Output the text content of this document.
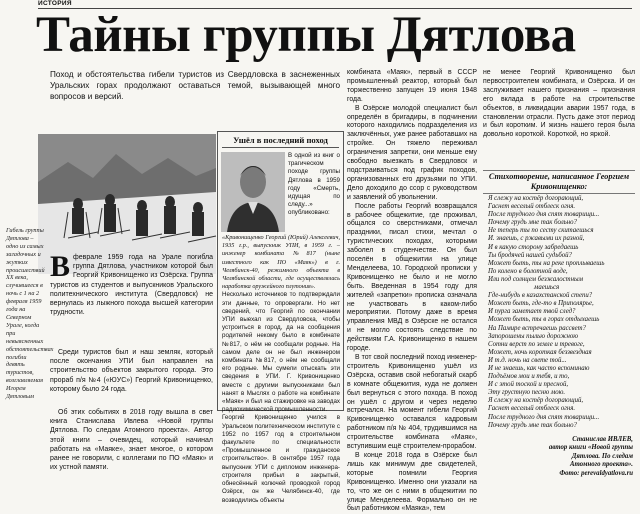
ИСТОРИЯ
Тайны группы Дятлова

Поход и обстоятельства гибели туристов из Свердловска в заснеженных Уральских горах продолжают оставаться темой, вызывающей много вопросов и версий.

Гибель группы Дятлова – одно из самых загадочных и жутких происшествий XX века, случившееся в ночь с 1 на 2 февраля 1959 года на Северном Урале, когда при невыясненных обстоятельствах погибли девять туристов, возглавляемая Игорем Дятловым

Ушёл в последний поход

В одной из книг о трагическом походе группы Дятлова в 1959 году «Смерть, идущая по следу...» опубликовано:

«Кривонищенко Георгий (Юрий) Алексеевич, 1935 г.р., выпускник УПИ, в 1959 г. – инженер комбината №817 (ныне известного как ПО «Маяк») в г. Челябинск-40, режимного объекта в Челябинской области, где осуществлялась наработка оружейного плутония».

Несколько источников то подтверждали эти данные, то опровергали. Но нет сведений, что Георгий по окончании УПИ выехал из Свердловска, чтобы устроиться в город, да на сообщения родителей некому было в комбинате №817, о нём не сообщали родные. На самом деле он не был инженером комбината №817, о нём не сообщали его родные. Мы сумели отыскать эти сведения в УПИ. Г. Кривонищенко вместе с другими выпускниками был нанят в Мыслях о работе на комбинате «Маяк» и был на стажировке на заводах радиохимической промышленности.

Георгий Кривонищенко учился в Уральском политехническом институте с 1952 по 1957 год в строительном факультете по специальности «Промышленное и гражданское строительство». В сентябре 1957 года выпускник УПИ с дипломом инженера-строителя прибыл в закрытый, обнесённый колючей проводкой город Озёрск, он же Челябинск-40, где возводились объекты

В феврале 1959 года на Урале погибла группа Дятлова, участником которой был Георгий Кривонищенко из Озёрска. Группа туристов из студентов и выпускников Уральского политехнического института (Свердловск) не вернулась из лыжного похода высшей категории трудности.

Среди туристов был и наш земляк, который после окончания УПИ был направлен на строительство объектов закрытого города. Это прораб п/я №4 («ЮУС») Георгий Кривонищенко, которому было 24 года.

Об этих событиях в 2018 году вышла в свет книга Станислава Ивлева «Новой группы Дятлова. По следам Атомного проекта». Автор этой книги – очевидец, который начинал работать на «Маяке», знает многое, о котором ранее не говорили, с коллегами по ПО «Маяк» и их устной памяти.

комбината «Маяк», первый в СССР промышленный реактор, который был торжественно запущен 19 июня 1948 года.

В Озёрске молодой специалист был определён в бригадиры, в подчинении которого находились подразделения из заключённых, уже ранее работавших на стройке. Он тяжело переживал ограничения запретки, они меньше ему свободно выезжать в Свердловск и подстраиваться под график походов, организованных его друзьями по УПИ. Дело доходило до ссор с руководством и заявлений об увольнении.

После работы Георгий возвращался в рабочее общежитие, где проживал, общался со сверстниками, отмечал праздники, писал стихи, мечтал о туристических походах, которыми заболел в студенчестве. Он был поселён в общежитии на улице Менделеева, 10. Городской прописки у Кривонищенко не было и не могло быть. Введенная в 1954 году для жителей «запретки» прописка означала не участвовать в каком-либо мероприятии. Потому даже в время управления МВД в Озёрске не остался и не могло состоять следствие по действиям Г.А. Кривонищенко в нашем городе.

В тот свой последний поход инженер-строитель Кривонищенко ушёл из Озёрска, оставив свой небогатый скарб в комнате общежития, куда не должен был вернуться с этого похода. В поход он ушёл с другом и через неделю встречался. На момент гибели Георгий Кривонищенко оставался кадровым работником п/я № 404, трудившимся на строительстве комбината «Маяк», вступившим ещё строителем-прорабом.

В конце 2018 года в Озёрске был лишь как минимум две свидетелей, которые помнили Георгия Кривонищенко. Именно они указали на то, что же он с ними в общежитии по улице Менделеева. Формально он не был работником «Маяка», тем

не менее Георгий Кривонищенко был первостроителем комбината, и Озёрска. И он заслуживает нашего признания – признания его вклада в работе на строительстве объектов, в ликвидации аварии 1957 года, в становлении отрасли. Пусть даже этот период и был коротким. И жизнь нашего героя была довольно короткой. Короткой, но яркой.

Стихотворение, написанное Георгием Кривонищенко:
Я слежу на костёр догорающий,
Гаснет веселый отблеск огня.
После трудного дня спят товарищи...
Почему грудь мне так больно?
Не теперь ты по сесту скитаешься
И. знаешь, с ржавыми их разной,
И в какую сторону забредаешь
Ты бродячей нашей судьбой?
Может быть, ты на реке проплываешь
По колено в болотной воде,
Или под солнцем безжалостным
маешься
Где-нибудь в казахстанской степи?
Может быть, где-то в Приполярье,
И пурга заметает твой след?
Может быть, ты в горах отдыхаешь
На Памире встречаешь рассвет?
Запорошены пылью дорожною
Сотни верст по земле и тревоге,
Может, ночь короткая беззвездная
И т.д. ночь на свете той...
И не знаешь, как часто вспоминаю
Подъёмов мои и тебя, и то,
И с этой тоской и пресной,
Эту грустную песню мою.
Я слежу на костёр догорающий,
Гаснет веселый отблеск огня.
После трудного дня спят товарищи...
Почему грудь мне так больно?
Станислав ИВЛЕВ,
автор книги «Новой группы
Дятлова. По следам
Атомного проекта».
Фото: perevaldyatlova.ru
